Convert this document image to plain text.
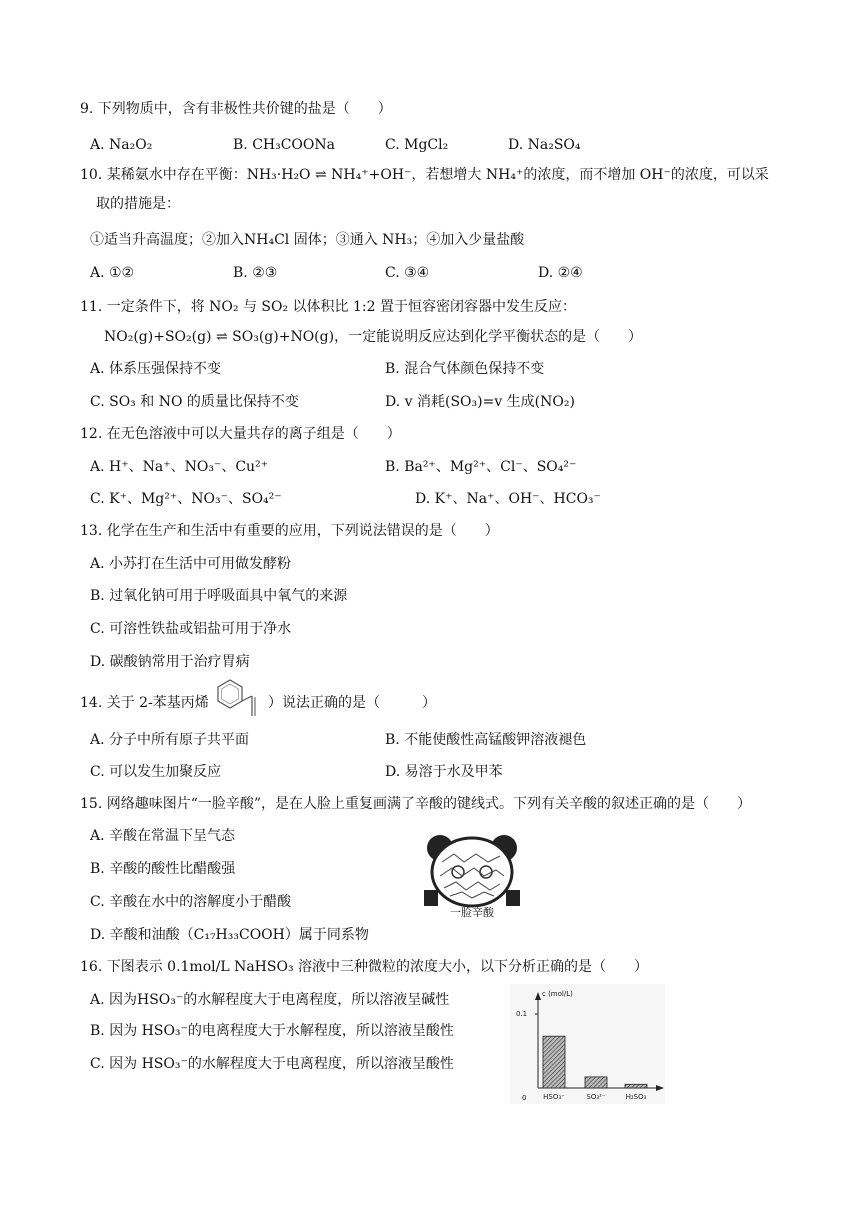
9. 下列物质中，含有非极性共价键的盐是（　　）
A. Na₂O₂	B. CH₃COONa	C. MgCl₂	D. Na₂SO₄
10. 某稀氨水中存在平衡：NH₃·H₂O ⇌ NH₄⁺+OH⁻，若想增大 NH₄⁺的浓度，而不增加 OH⁻的浓度，可以采
取的措施是：
①适当升高温度；②加入NH₄Cl 固体；③通入 NH₃；④加入少量盐酸
A. ①②	B. ②③	C. ③④	D. ②④
11. 一定条件下，将 NO₂ 与 SO₂ 以体积比 1:2 置于恒容密闭容器中发生反应：
NO₂(g)+SO₂(g) ⇌ SO₃(g)+NO(g)，一定能说明反应达到化学平衡状态的是（　　）
A. 体系压强保持不变	B. 混合气体颜色保持不变
C. SO₃ 和 NO 的质量比保持不变	D. v 消耗(SO₃)=v 生成(NO₂)
12. 在无色溶液中可以大量共存的离子组是（　　）
A. H⁺、Na⁺、NO₃⁻、Cu²⁺	B. Ba²⁺、Mg²⁺、Cl⁻、SO₄²⁻
C. K⁺、Mg²⁺、NO₃⁻、SO₄²⁻	D. K⁺、Na⁺、OH⁻、HCO₃⁻
13. 化学在生产和生活中有重要的应用，下列说法错误的是（　　）
A. 小苏打在生活中可用做发酵粉
B. 过氧化钠可用于呼吸面具中氧气的来源
C. 可溶性铁盐或铝盐可用于净水
D. 碳酸钠常用于治疗胃病
14. 关于 2-苯基丙烯	）说法正确的是（　　　）
A. 分子中所有原子共平面	B. 不能使酸性高锰酸钾溶液褪色
C. 可以发生加聚反应	D. 易溶于水及甲苯
15. 网络趣味图片“一脸辛酸”，是在人脸上重复画满了辛酸的键线式。下列有关辛酸的叙述正确的是（　　）
A. 辛酸在常温下呈气态
B. 辛酸的酸性比醋酸强
C. 辛酸在水中的溶解度小于醋酸
D. 辛酸和油酸（C₁₇H₃₃COOH）属于同系物
一脸辛酸
16. 下图表示 0.1mol/L NaHSO₃ 溶液中三种微粒的浓度大小，以下分析正确的是（　　）
A. 因为HSO₃⁻的水解程度大于电离程度，所以溶液呈碱性
B. 因为 HSO₃⁻的电离程度大于水解程度，所以溶液呈酸性
C. 因为 HSO₃⁻的水解程度大于电离程度，所以溶液呈酸性
c (mol/L)
0.1
0 HSO₃⁻	SO₃²⁻	H₂SO₃
